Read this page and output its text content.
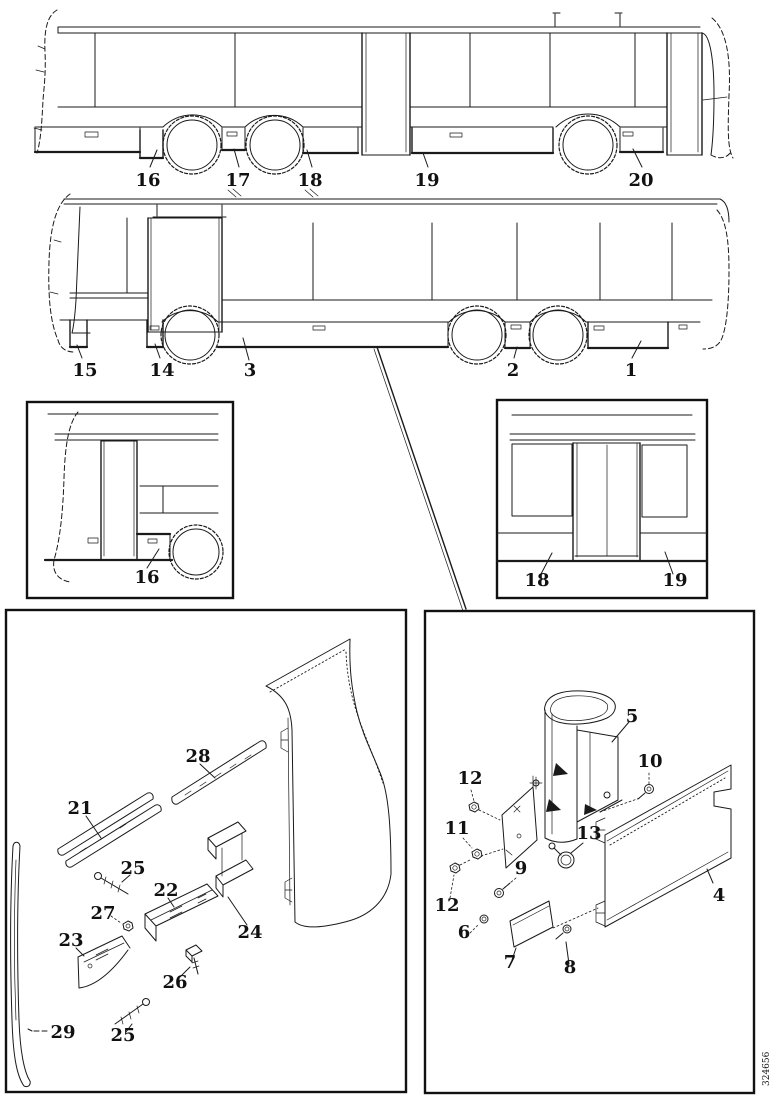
16	17	18	19	20
15	14	3	2	1
16	18	19
21
28
25
22
27
23	24
26
29 25
5
10
12
11	13
9
12
6
7	8
4
324656
